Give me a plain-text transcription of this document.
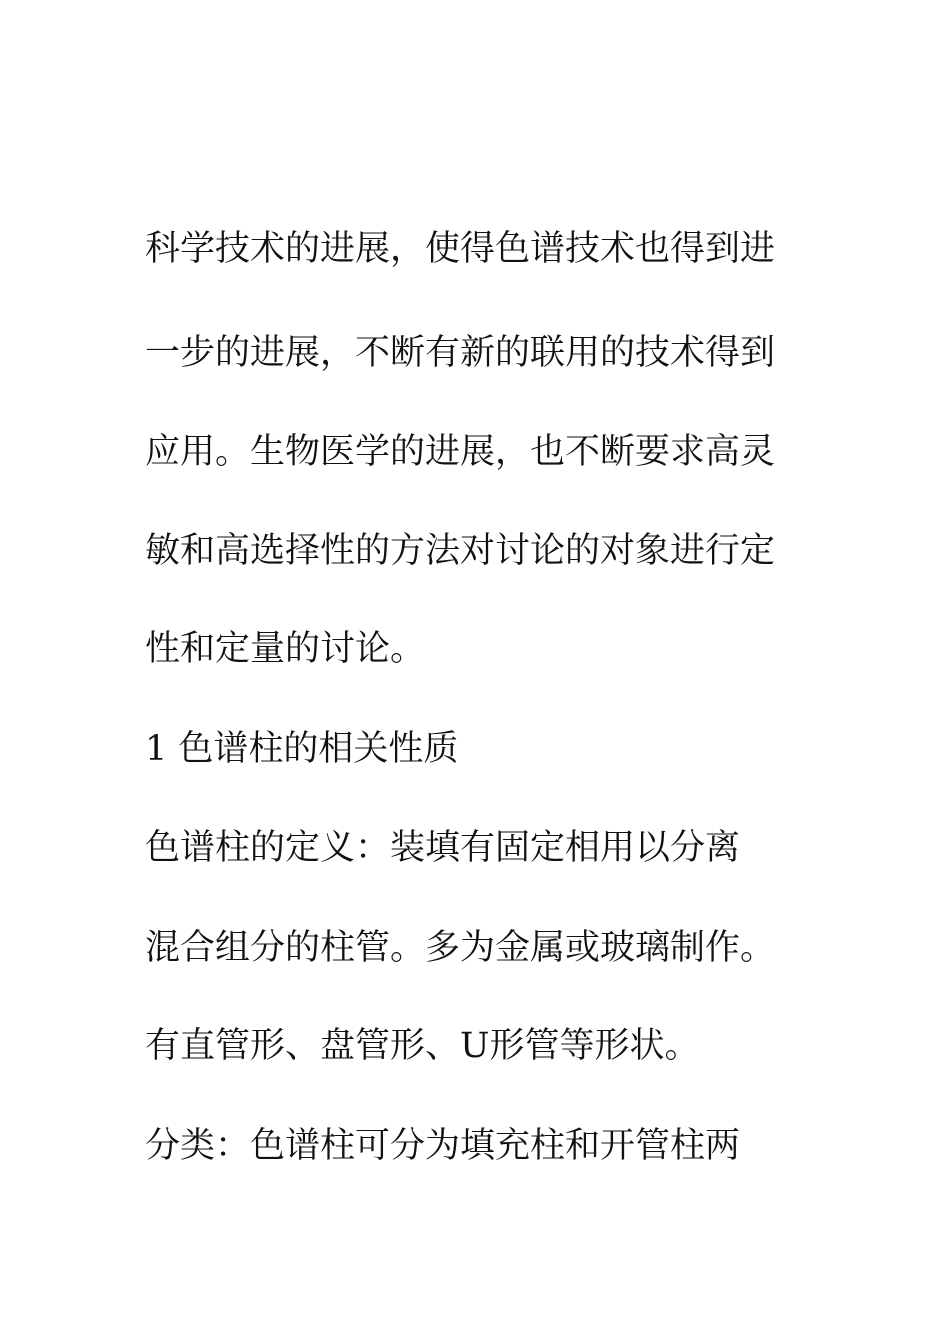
科学技术的进展，使得色谱技术也得到进

一步的进展，不断有新的联用的技术得到

应用。生物医学的进展，也不断要求高灵

敏和高选择性的方法对讨论的对象进行定

性和定量的讨论。

1 色谱柱的相关性质

色谱柱的定义：装填有固定相用以分离

混合组分的柱管。多为金属或玻璃制作。

有直管形、盘管形、U形管等形状。

分类：色谱柱可分为填充柱和开管柱两
